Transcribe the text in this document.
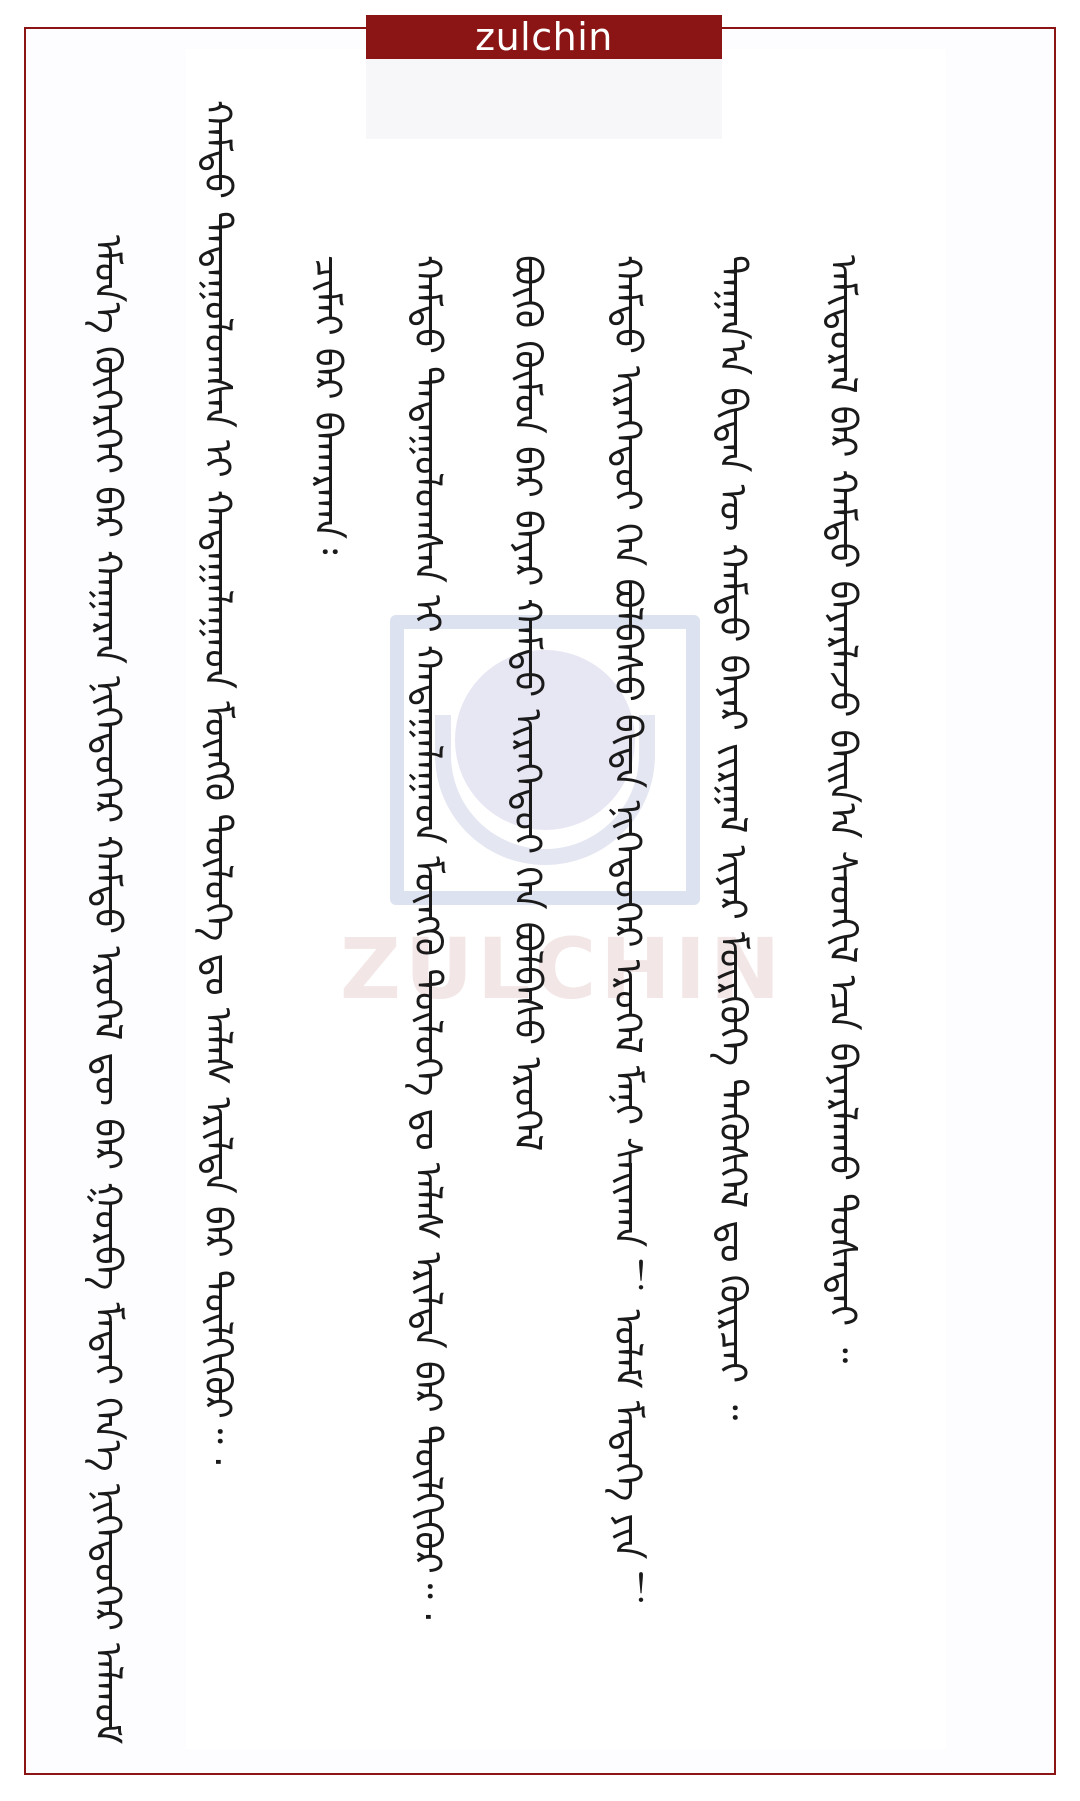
zulchin
ZULCHIN ᠠᠮᠢᠳᠤᠷᠠᠯ ᠪᠡᠷ ᠬᠠᠮᠲᠤ ᠪᠠᠶᠠᠷᠯᠠᠵᠤ ᠪᠠᠢᠨ᠎ᠠ ᠰᠡᠳᠬᠢᠯ ᠡᠴᠡ ᠪᠠᠶᠠᠷᠯᠠᠬᠤ ᠲᠤᠰᠠᠲᠠᠢ ᠃
ᠳᠠᠭᠠᠨ᠎ᠠ ᠪᠢᠳᠡᠨ ᠦ ᠬᠠᠮᠲᠤ ᠪᠠᠶᠠᠷ ᠵᠢᠷᠭᠠᠯ ᠢᠶᠡᠷ ᠮᠥᠷᠭᠦᠭᠡ ᠲᠡᠭᠦᠰᠭᠡᠯ ᠳᠤ ᠬᠦᠷᠴᠡᠢ ᠃
ᠬᠠᠮᠲᠤ ᠢᠷᠡᠭᠡᠳᠦᠢ ᠬᠡᠨ ᠪᠣᠯᠪᠠᠰᠤ ᠪᠢᠳᠡ ᠨᠢᠭᠡᠳᠦᠬᠡᠷ ᠡᠷᠦᠬᠡᠯ ᠮᠠᠨᠢ ᠰᠠᠢᠬᠠᠨ ！ ᠤᠯᠠᠮ ᠮᠡᠳᠡᠭᠡ ᠶᠢᠨ ！
ᠪᠦᠬᠦ ᠬᠦᠮᠦᠨ ᠪᠡᠷ ᠪᠠᠶᠠᠷ ᠬᠠᠮᠲᠤ ᠢᠷᠡᠭᠡᠳᠦᠢ ᠬᠡᠨ ᠪᠣᠯᠪᠠᠰᠤ ᠡᠷᠦᠬᠡᠯ
ᠬᠠᠮᠲᠤ ᠲᠠᠲᠠᠭᠤᠯᠤᠭᠰᠠᠨ ᠢ ᠬᠠᠳᠠᠭᠠᠯᠠᠭᠠᠳ ᠮᠥᠩᠭᠦ ᠲᠥᠯᠦᠭᠡ ᠳᠤ ᠠᠯᠠᠰ ᠡᠷᠢᠯᠲᠡ ᠪᠡᠷ ᠲᠦᠯᠬᠢᠭᠦᠷ᠃ ·
ᠴᠢᠮᠡᠢ ᠪᠡᠷ ᠪᠠᠬᠠᠷᠬᠠᠨ᠄
ᠬᠠᠮᠲᠤ ᠲᠠᠲᠠᠭᠤᠯᠤᠭᠰᠠᠨ ᠢ ᠬᠠᠳᠠᠭᠠᠯᠠᠭᠠᠳ ᠮᠥᠩᠭᠦ ᠲᠥᠯᠦᠭᠡ ᠳᠤ ᠠᠯᠠᠰ ᠡᠷᠢᠯᠲᠡ ᠪᠡᠷ ᠲᠦᠯᠬᠢᠭᠦᠷ᠃ ·
ᠡᠮᠦᠨ᠎ᠡ ᠬᠥᠭᠡᠷᠬᠡᠢ ᠪᠡᠷ ᠬᠠᠭᠠᠷᠠᠨ ᠨᠢᠭᠡᠳᠦᠬᠡᠷ ᠬᠠᠮᠲᠤ ᠡᠷᠦᠬᠡᠯ ᠳᠦ ᠪᠠᠷ ᠭᠤᠷᠪᠠ ᠮᠠᠲᠠᠢ ᠭᠡᠨ᠎ᠡ ᠨᠢᠭᠡᠳᠦᠬᠡᠷ ᠠᠯᠬᠤᠮ
